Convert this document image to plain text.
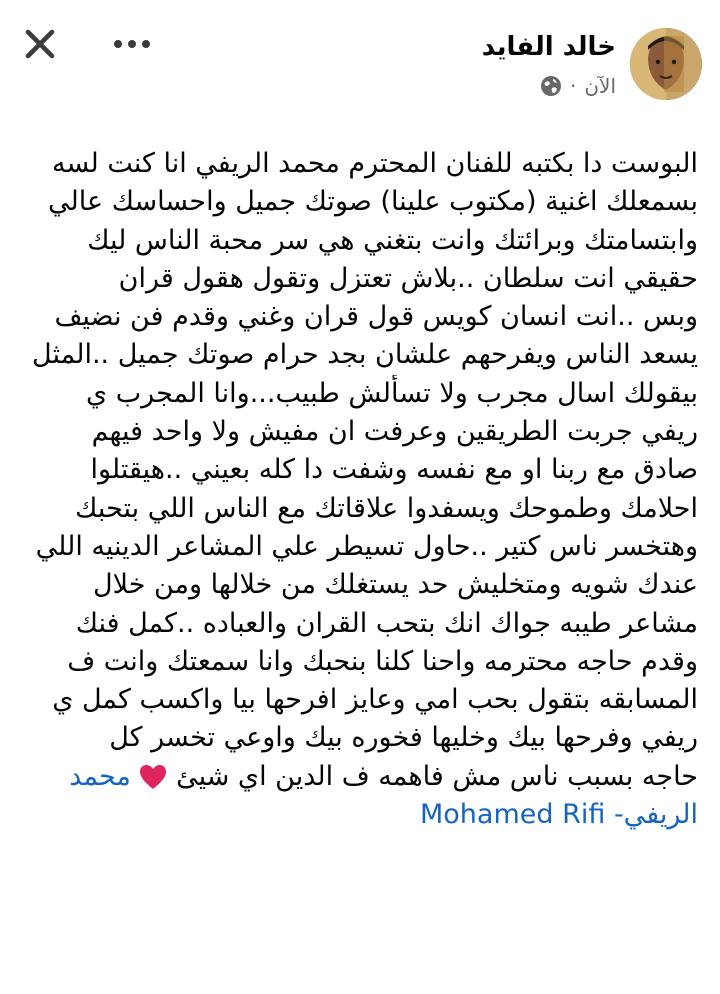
خالد الفايد
الآن
·
البوست دا بكتبه للفنان المحترم محمد الريفي انا كنت لسه
بسمعلك اغنية (مكتوب علينا) صوتك جميل واحساسك عالي
وابتسامتك وبرائتك وانت بتغني هي سر محبة الناس ليك
حقيقي انت سلطان ..بلاش تعتزل وتقول هقول قران
وبس ..انت انسان كويس قول قران وغني وقدم فن نضيف
يسعد الناس ويفرحهم علشان بجد حرام صوتك جميل ..المثل
بيقولك اسال مجرب ولا تسألش طبيب...وانا المجرب ي
ريفي جربت الطريقين وعرفت ان مفيش ولا واحد فيهم
صادق مع ربنا او مع نفسه وشفت دا كله بعيني ..هيقتلوا
احلامك وطموحك ويسفدوا علاقاتك مع الناس اللي بتحبك
وهتخسر ناس كتير ..حاول تسيطر علي المشاعر الدينيه اللي
عندك شويه ومتخليش حد يستغلك من خلالها ومن خلال
مشاعر طيبه جواك انك بتحب القران والعباده ..كمل فنك
وقدم حاجه محترمه واحنا كلنا بنحبك وانا سمعتك وانت ف
المسابقه بتقول بحب امي وعايز افرحها بيا واكسب كمل ي
ريفي وفرحها بيك وخليها فخوره بيك واوعي تخسر كل
حاجه بسبب ناس مش فاهمه ف الدين اي شيئ  محمد
الريفي- Mohamed Rifi
